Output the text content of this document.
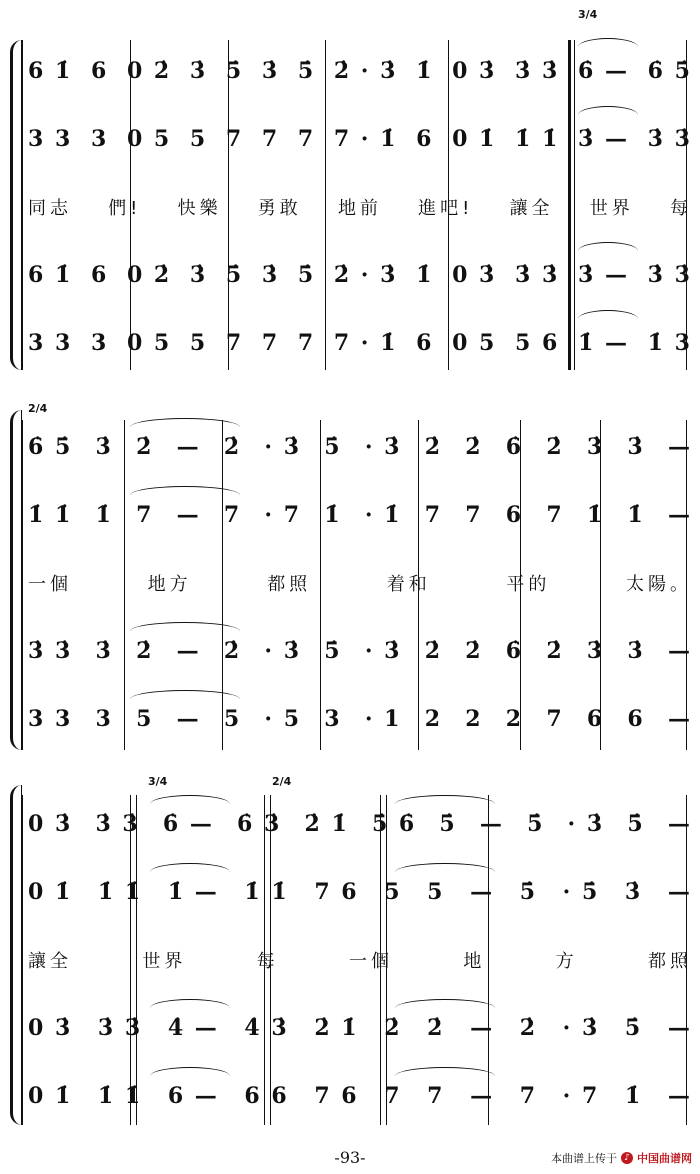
3/4
6 1̇ 6 0 2̇ 3̇ 5̇ 3̇ 5̇ 2̇ · 3̇ 1̇ 0 3̇ 3̇ 3̇ 6̇ — 6̇ 5̇
3 3 3 0 5 5 7 7 7 7 · 1̇ 6 0 1̇ 1̇ 1̇ 3̇ — 3̇ 3̇
同志 們! 快樂 勇敢 地前 進吧! 讓全 世界 每
6 1̇ 6 0 2̇ 3̇ 5̇ 3̇ 5̇ 2̇ · 3̇ 1̇ 0 3̇ 3̇ 3̇ 3̇ — 3̇ 3̇
3 3 3 0 5 5 7 7 7 7 · 1̇ 6 0 5 5 6 1̇ — 1̇ 3
2/4
6̇ 5̇ 3̇ 2̇ — 2̇ · 3̇ 5̇ · 3̇ 2̇ 2̇ 6̇ 2̇ 3̇ 3̇ —
1̇ 1̇ 1̇ 7 — 7 · 7 1̇ · 1̇ 7 7 6 7 1̇ 1̇ —
一個	地方	都照	着和	平的	太陽。
3̇ 3̇ 3̇ 2̇ — 2̇ · 3̇ 5̇ · 3̇ 2̇ 2̇ 6̇ 2̇ 3̇ 3̇ —
3 3 3 5 — 5 · 5 3 · 1 2 2 2 7 6 6 —
3/4	2/4
0 3̇ 3̇ 3̇ 6̇ — 6̇ 3̇ 2̇ 1̇ 5̇ 6̇ 5̇ — 5̇ · 3̇ 5̇ —
0 1̇ 1̇ 1̇ 1̇ — 1̇ 1̇ 7 6 5 5 — 5̇ · 5̇ 3̇ —
讓全	世界	每	一個	地	方	都照
0 3̇ 3̇ 3̇ 4̇ — 4̇ 3̇ 2̇ 1̇ 2̇ 2̇ — 2̇ · 3̇ 5̇ —
0 1̇ 1̇ 1̇ 6 — 6 6 7 6 7 7 — 7 · 7 1̇ —
-93-	本曲谱上传于 ♪ 中国曲谱网
